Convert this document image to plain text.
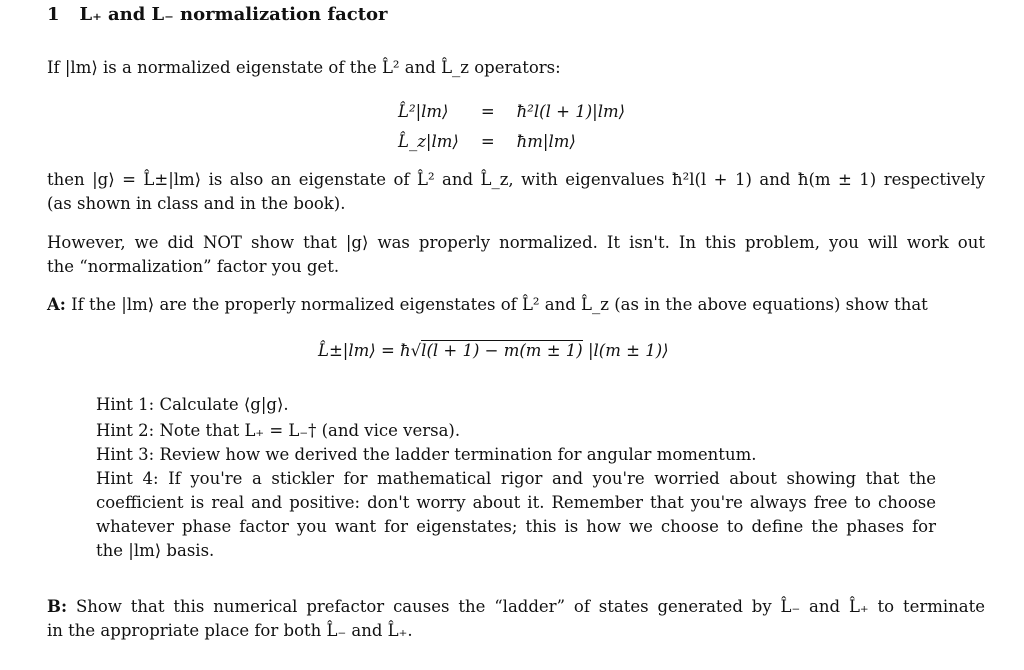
1 L₊ and L₋ normalization factor
If |lm⟩ is a normalized eigenstate of the L̂² and L̂_z operators:
L̂²|lm⟩	=	ħ²l(l + 1)|lm⟩
L̂_z|lm⟩	=	ħm|lm⟩
then |g⟩ = L̂±|lm⟩ is also an eigenstate of L̂² and L̂_z, with eigenvalues ħ²l(l + 1) and ħ(m ± 1) respectively
(as shown in class and in the book).
However, we did NOT show that |g⟩ was properly normalized. It isn't. In this problem, you will work out
the “normalization” factor you get.
A: If the |lm⟩ are the properly normalized eigenstates of L̂² and L̂_z (as in the above equations) show that
L̂±|lm⟩ = ħ√l(l + 1) − m(m ± 1) |l(m ± 1)⟩
Hint 1: Calculate ⟨g|g⟩.
Hint 2: Note that L₊ = L₋† (and vice versa).
Hint 3: Review how we derived the ladder termination for angular momentum.
Hint 4: If you're a stickler for mathematical rigor and you're worried about showing that the
coefficient is real and positive: don't worry about it. Remember that you're always free to choose
whatever phase factor you want for eigenstates; this is how we choose to define the phases for
the |lm⟩ basis.
B: Show that this numerical prefactor causes the “ladder” of states generated by L̂₋ and L̂₊ to terminate
in the appropriate place for both L̂₋ and L̂₊.
